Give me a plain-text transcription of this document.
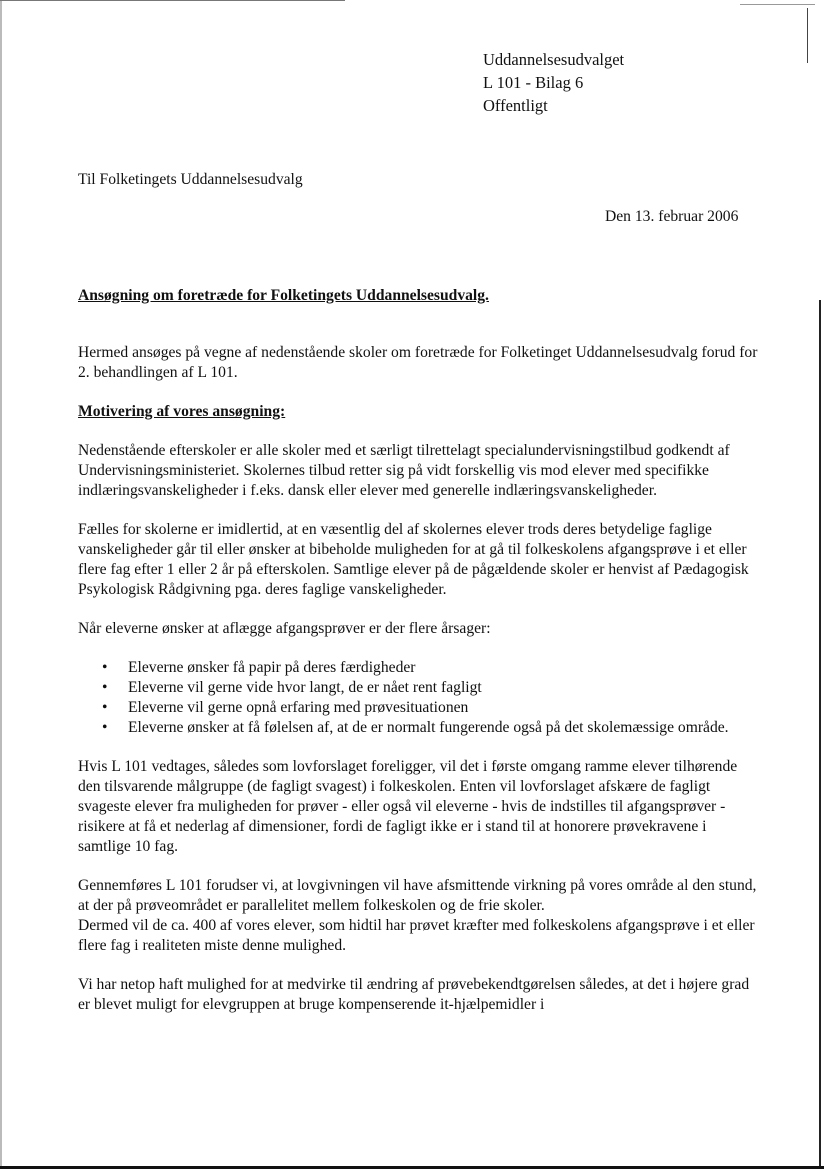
Uddannelsesudvalget
L 101 - Bilag 6
Offentligt
Til Folketingets Uddannelsesudvalg
Den 13. februar 2006
Ansøgning om foretræde for Folketingets Uddannelsesudvalg.

Hermed ansøges på vegne af nedenstående skoler om foretræde for Folketinget Uddannelsesudvalg forud for 2. behandlingen af L 101.

Motivering af vores ansøgning:

Nedenstående efterskoler er alle skoler med et særligt tilrettelagt specialundervisningstilbud godkendt af Undervisningsministeriet. Skolernes tilbud retter sig på vidt forskellig vis mod elever med specifikke indlæringsvanskeligheder i f.eks. dansk eller elever med generelle indlæringsvanskeligheder.

Fælles for skolerne er imidlertid, at en væsentlig del af skolernes elever trods deres betydelige faglige vanskeligheder går til eller ønsker at bibeholde muligheden for at gå til folkeskolens afgangsprøve i et eller flere fag efter 1 eller 2 år på efterskolen. Samtlige elever på de pågældende skoler er henvist af Pædagogisk Psykologisk Rådgivning pga. deres faglige vanskeligheder.

Når eleverne ønsker at aflægge afgangsprøver er der flere årsager:

• Eleverne ønsker få papir på deres færdigheder
• Eleverne vil gerne vide hvor langt, de er nået rent fagligt
• Eleverne vil gerne opnå erfaring med prøvesituationen
• Eleverne ønsker at få følelsen af, at de er normalt fungerende også på det skolemæssige område.

Hvis L 101 vedtages, således som lovforslaget foreligger, vil det i første omgang ramme elever tilhørende den tilsvarende målgruppe (de fagligt svagest) i folkeskolen. Enten vil lovforslaget afskære de fagligt svageste elever fra muligheden for prøver - eller også vil eleverne - hvis de indstilles til afgangsprøver - risikere at få et nederlag af dimensioner, fordi de fagligt ikke er i stand til at honorere prøvekravene i samtlige 10 fag.

Gennemføres L 101 forudser vi, at lovgivningen vil have afsmittende virkning på vores område al den stund, at der på prøveområdet er parallelitet mellem folkeskolen og de frie skoler.
Dermed vil de ca. 400 af vores elever, som hidtil har prøvet kræfter med folkeskolens afgangsprøve i et eller flere fag i realiteten miste denne mulighed.

Vi har netop haft mulighed for at medvirke til ændring af prøvebekendtgørelsen således, at det i højere grad er blevet muligt for elevgruppen at bruge kompenserende it-hjælpemidler i
